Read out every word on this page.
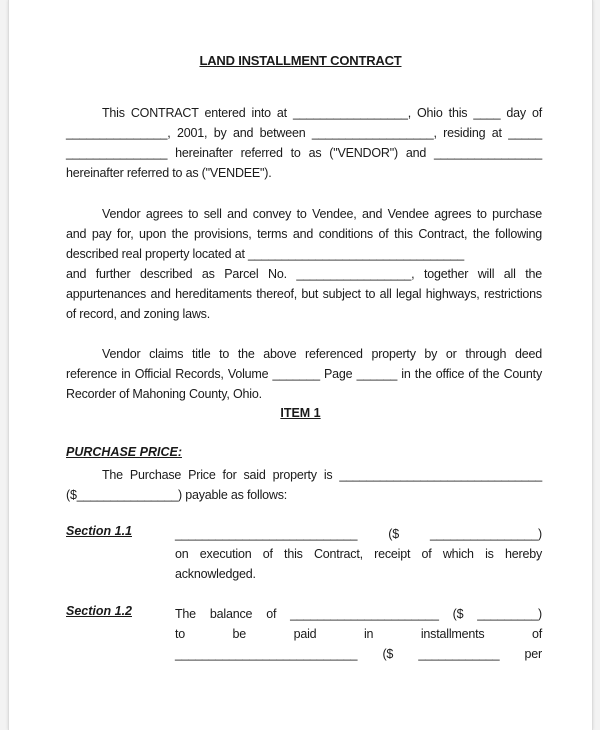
LAND INSTALLMENT CONTRACT
This CONTRACT entered into at _________________, Ohio this ____ day of
_______________, 2001, by and between __________________, residing at _____
_______________ hereinafter referred to as ("VENDOR") and ________________
hereinafter referred to as ("VENDEE").
Vendor agrees to sell and convey to Vendee, and Vendee agrees to purchase
and pay for, upon the provisions, terms and conditions of this Contract, the following
described real property located at ________________________________
and further described as Parcel No. _________________, together will all the
appurtenances and hereditaments thereof, but subject to all legal highways, restrictions
of record, and zoning laws.
Vendor claims title to the above referenced property by or through deed
reference in Official Records, Volume _______ Page ______ in the office of the County
Recorder of Mahoning County, Ohio.
ITEM 1
PURCHASE PRICE:
The Purchase Price for said property is ______________________________
($_______________) payable as follows:
Section 1.1	___________________________ ($ ________________)
on execution of this Contract, receipt of which is hereby
acknowledged.
Section 1.2	The balance of ______________________ ($ _________)
to be paid in installments of
___________________________ ($ ____________ per
